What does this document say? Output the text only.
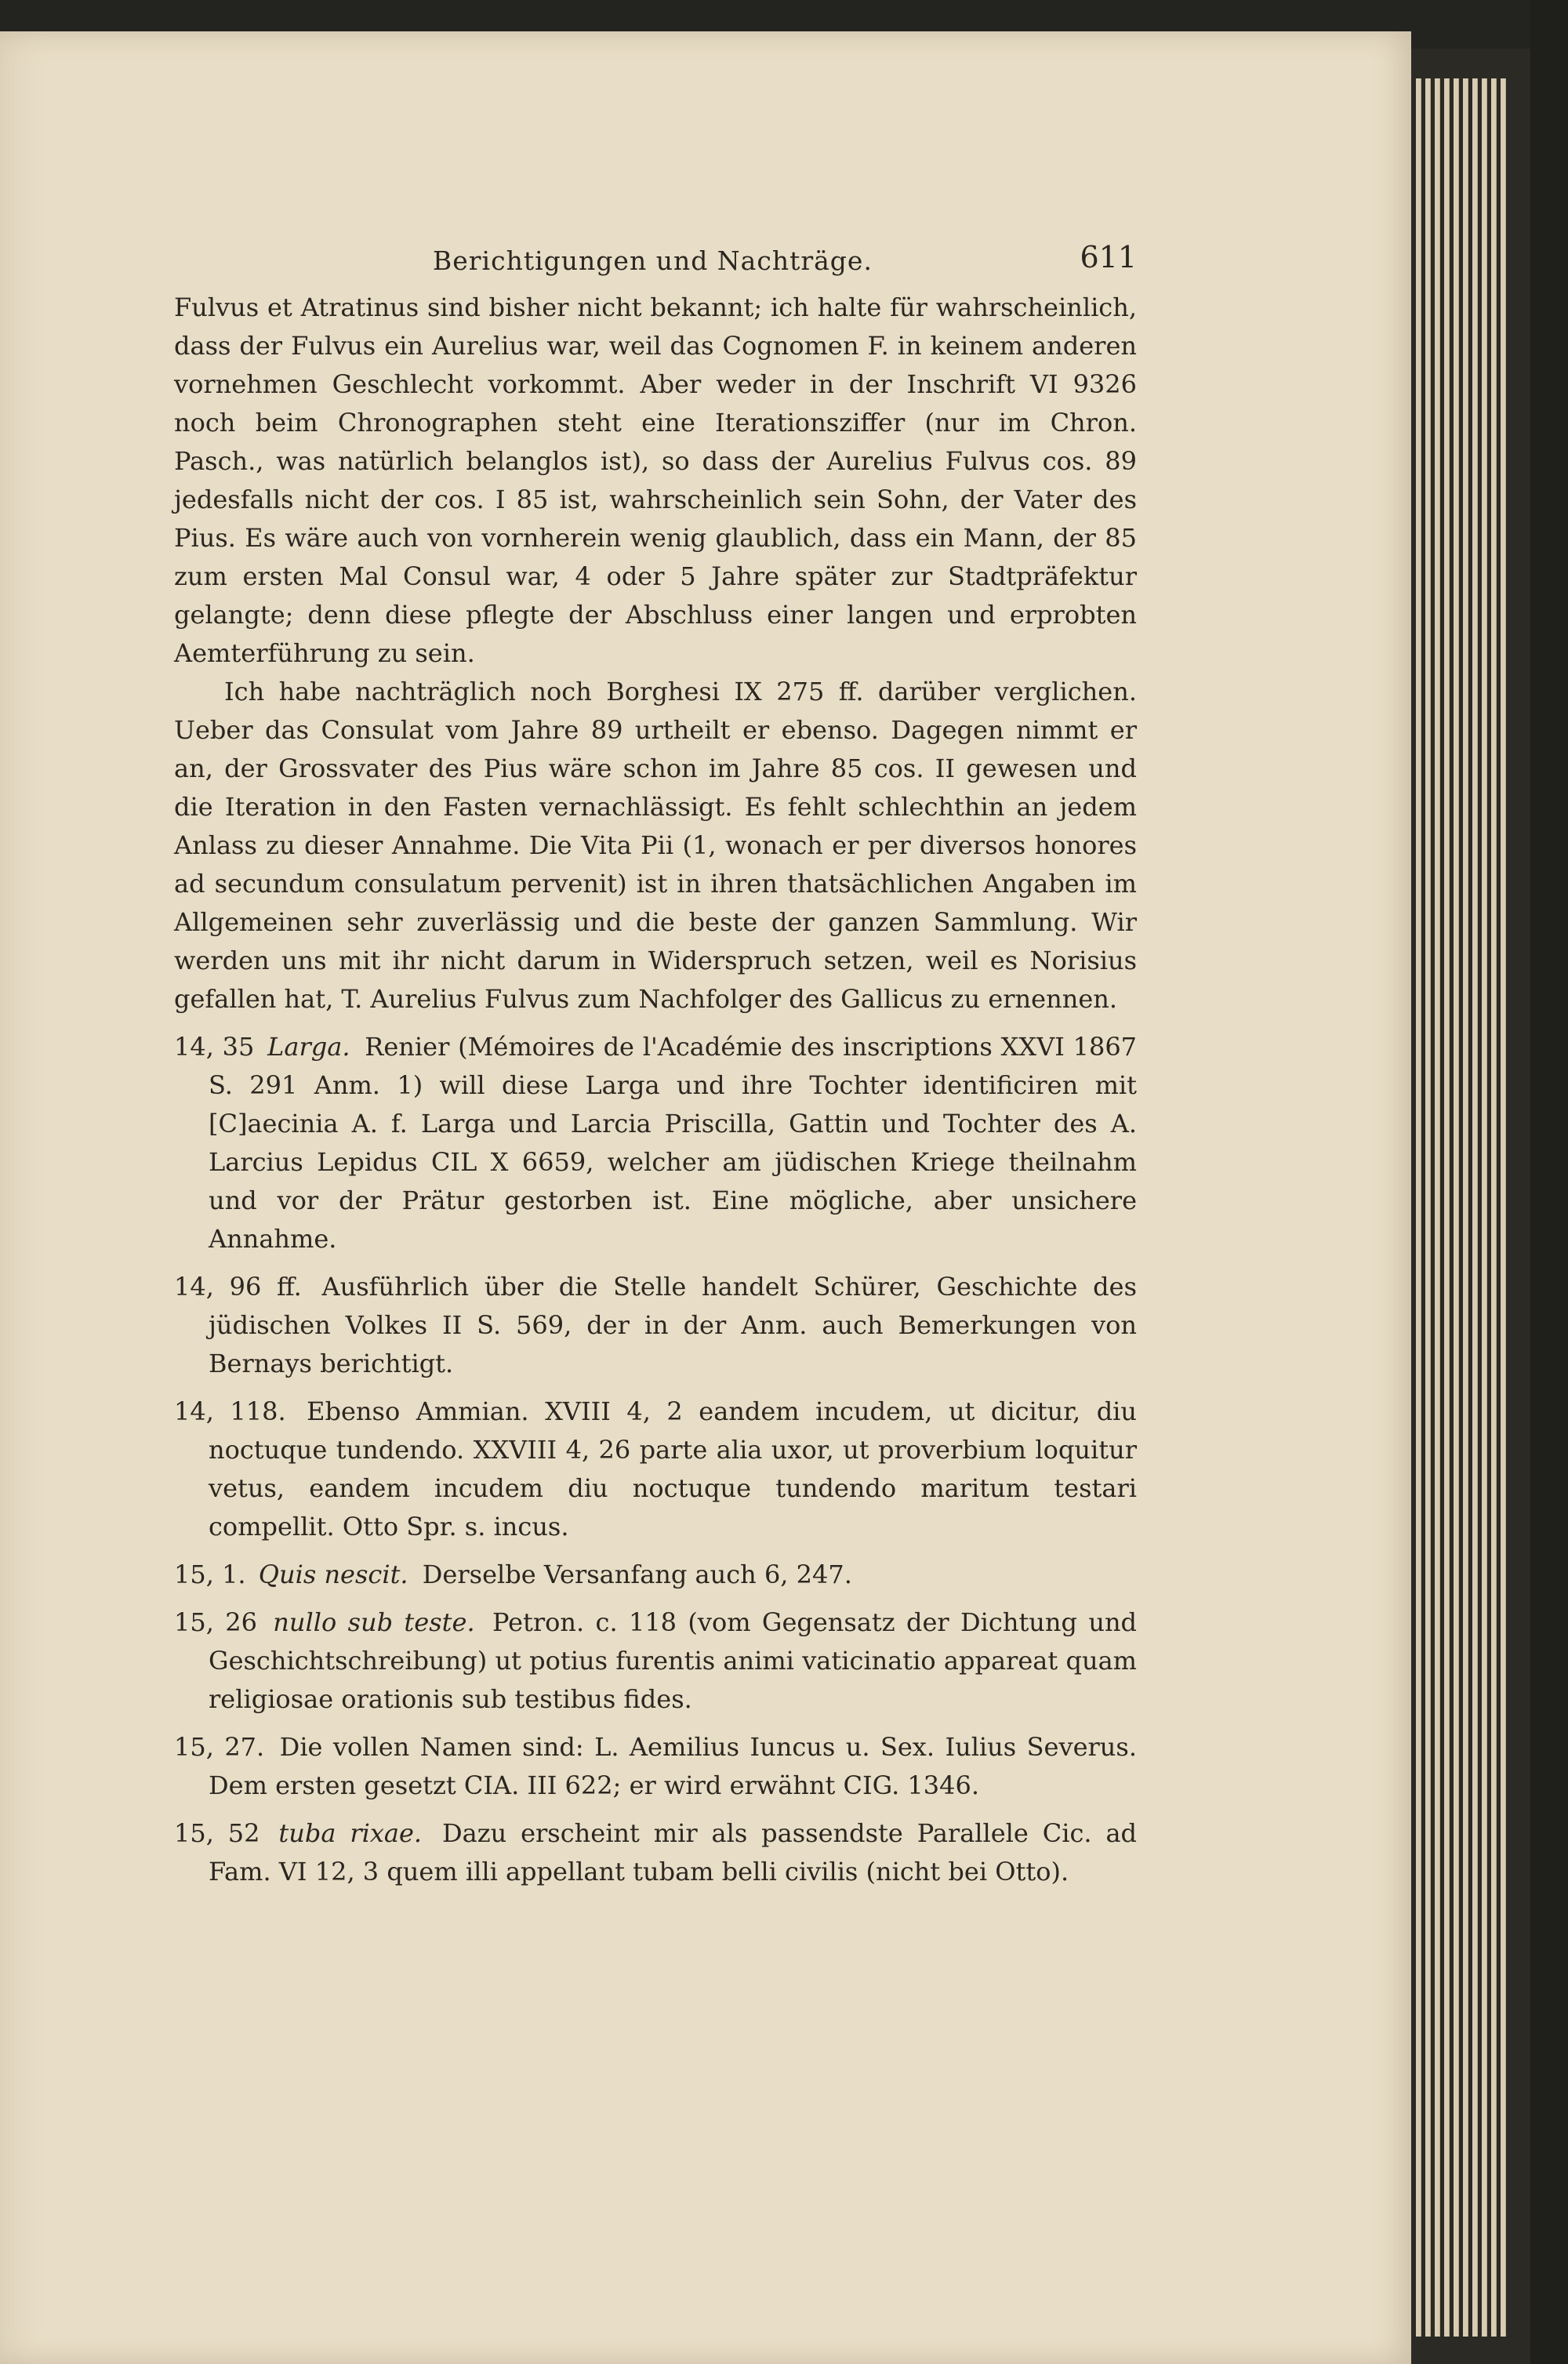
Berichtigungen und Nachträge.	611

Fulvus et Atratinus sind bisher nicht bekannt; ich halte für wahrscheinlich, dass der Fulvus ein Aurelius war, weil das Cognomen F. in keinem anderen vornehmen Geschlecht vorkommt. Aber weder in der Inschrift VI 9326 noch beim Chronographen steht eine Iterationsziffer (nur im Chron. Pasch., was natürlich belanglos ist), so dass der Aurelius Fulvus cos. 89 jedesfalls nicht der cos. I 85 ist, wahrscheinlich sein Sohn, der Vater des Pius. Es wäre auch von vornherein wenig glaublich, dass ein Mann, der 85 zum ersten Mal Consul war, 4 oder 5 Jahre später zur Stadtpräfektur gelangte; denn diese pflegte der Abschluss einer langen und erprobten Aemterführung zu sein.

Ich habe nachträglich noch Borghesi IX 275 ff. darüber verglichen. Ueber das Consulat vom Jahre 89 urtheilt er ebenso. Dagegen nimmt er an, der Grossvater des Pius wäre schon im Jahre 85 cos. II gewesen und die Iteration in den Fasten vernachlässigt. Es fehlt schlechthin an jedem Anlass zu dieser Annahme. Die Vita Pii (1, wonach er per diversos honores ad secundum consulatum pervenit) ist in ihren thatsächlichen Angaben im Allgemeinen sehr zuverlässig und die beste der ganzen Sammlung. Wir werden uns mit ihr nicht darum in Widerspruch setzen, weil es Norisius gefallen hat, T. Aurelius Fulvus zum Nachfolger des Gallicus zu ernennen.

14, 35 Larga. Renier (Mémoires de l'Académie des inscriptions XXVI 1867 S. 291 Anm. 1) will diese Larga und ihre Tochter identificiren mit [C]aecinia A. f. Larga und Larcia Priscilla, Gattin und Tochter des A. Larcius Lepidus CIL X 6659, welcher am jüdischen Kriege theilnahm und vor der Prätur gestorben ist. Eine mögliche, aber unsichere Annahme.
14, 96 ff. Ausführlich über die Stelle handelt Schürer, Geschichte des jüdischen Volkes II S. 569, der in der Anm. auch Bemerkungen von Bernays berichtigt.
14, 118. Ebenso Ammian. XVIII 4, 2 eandem incudem, ut dicitur, diu noctuque tundendo. XXVIII 4, 26 parte alia uxor, ut proverbium loquitur vetus, eandem incudem diu noctuque tundendo maritum testari compellit. Otto Spr. s. incus.
15, 1. Quis nescit. Derselbe Versanfang auch 6, 247.
15, 26 nullo sub teste. Petron. c. 118 (vom Gegensatz der Dichtung und Geschichtschreibung) ut potius furentis animi vaticinatio appareat quam religiosae orationis sub testibus fides.
15, 27. Die vollen Namen sind: L. Aemilius Iuncus u. Sex. Iulius Severus. Dem ersten gesetzt CIA. III 622; er wird erwähnt CIG. 1346.
15, 52 tuba rixae. Dazu erscheint mir als passendste Parallele Cic. ad Fam. VI 12, 3 quem illi appellant tubam belli civilis (nicht bei Otto).
